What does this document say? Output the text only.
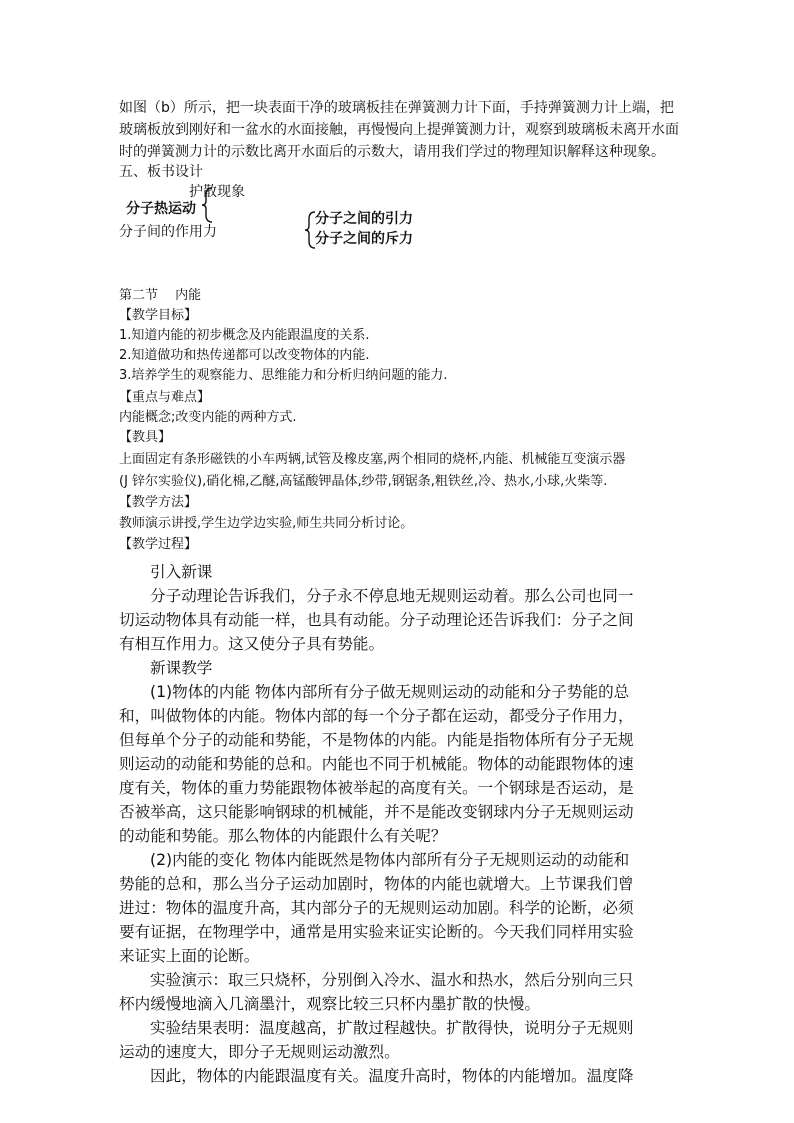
如图（b）所示，把一块表面干净的玻璃板挂在弹簧测力计下面，手持弹簧测力计上端，把

玻璃板放到刚好和一盆水的水面接触，再慢慢向上提弹簧测力计，观察到玻璃板未离开水面

时的弹簧测力计的示数比离开水面后的示数大，请用我们学过的物理知识解释这种现象。

五、板书设计

护散现象
分子热运动
分子间的作用力
分子之间的引力
分子之间的斥力

第二节　 内能

【教学目标】

1.知道内能的初步概念及内能跟温度的关系.

2.知道做功和热传递都可以改变物体的内能.

3.培养学生的观察能力、思维能力和分析归纳问题的能力.

【重点与难点】

内能概念;改变内能的两种方式.

【教具】

上面固定有条形磁铁的小车两辆,试管及橡皮塞,两个相同的烧杯,内能、机械能互变演示器

(J 锌尔实验仪),硝化棉,乙醚,高锰酸钾晶体,纱带,钢锯条,粗铁丝,冷、热水,小球,火柴等.

【教学方法】

教师演示讲授,学生边学边实验,师生共同分析讨论。

【教学过程】

引入新课

分子动理论告诉我们，分子永不停息地无规则运动着。那么公司也同一

切运动物体具有动能一样，也具有动能。分子动理论还告诉我们：分子之间

有相互作用力。这又使分子具有势能。

新课教学

(1)物体的内能 物体内部所有分子做无规则运动的动能和分子势能的总

和，叫做物体的内能。物体内部的每一个分子都在运动，都受分子作用力，

但每单个分子的动能和势能，不是物体的内能。内能是指物体所有分子无规

则运动的动能和势能的总和。内能也不同于机械能。物体的动能跟物体的速

度有关，物体的重力势能跟物体被举起的高度有关。一个钢球是否运动，是

否被举高，这只能影响钢球的机械能，并不是能改变钢球内分子无规则运动

的动能和势能。那么物体的内能跟什么有关呢？

(2)内能的变化 物体内能既然是物体内部所有分子无规则运动的动能和

势能的总和，那么当分子运动加剧时，物体的内能也就增大。上节课我们曾

进过：物体的温度升高，其内部分子的无规则运动加剧。科学的论断，必须

要有证据，在物理学中，通常是用实验来证实论断的。今天我们同样用实验

来证实上面的论断。

实验演示：取三只烧杯，分别倒入冷水、温水和热水，然后分别向三只

杯内缓慢地滴入几滴墨汁，观察比较三只杯内墨扩散的快慢。

实验结果表明：温度越高，扩散过程越快。扩散得快，说明分子无规则

运动的速度大，即分子无规则运动激烈。

因此，物体的内能跟温度有关。温度升高时，物体的内能增加。温度降
